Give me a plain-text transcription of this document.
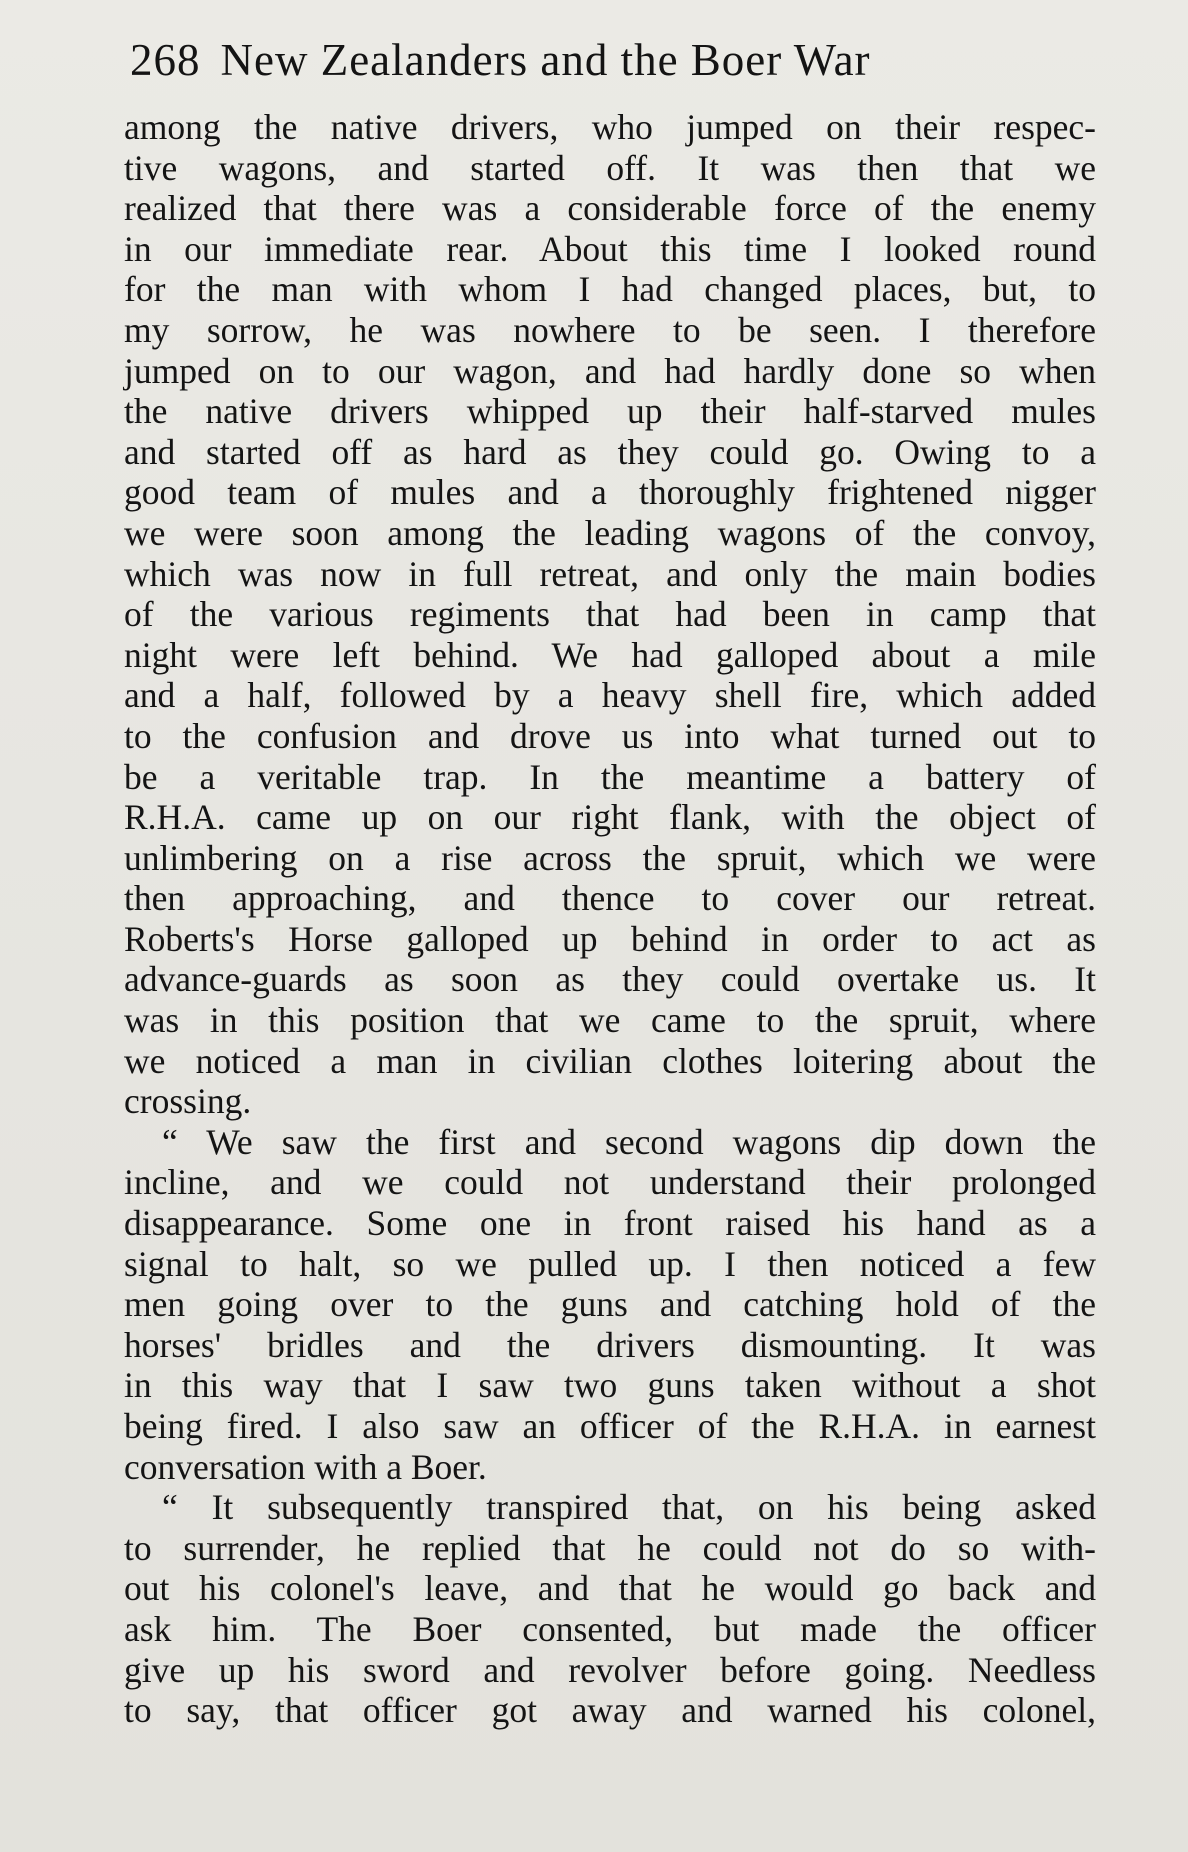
268 New Zealanders and the Boer War
among the native drivers, who jumped on their respec-
tive wagons, and started off. It was then that we
realized that there was a considerable force of the enemy
in our immediate rear. About this time I looked round
for the man with whom I had changed places, but, to
my sorrow, he was nowhere to be seen. I therefore
jumped on to our wagon, and had hardly done so when
the native drivers whipped up their half-starved mules
and started off as hard as they could go. Owing to a
good team of mules and a thoroughly frightened nigger
we were soon among the leading wagons of the convoy,
which was now in full retreat, and only the main bodies
of the various regiments that had been in camp that
night were left behind. We had galloped about a mile
and a half, followed by a heavy shell fire, which added
to the confusion and drove us into what turned out to
be a veritable trap. In the meantime a battery of
R.H.A. came up on our right flank, with the object of
unlimbering on a rise across the spruit, which we were
then approaching, and thence to cover our retreat.
Roberts's Horse galloped up behind in order to act as
advance-guards as soon as they could overtake us. It
was in this position that we came to the spruit, where
we noticed a man in civilian clothes loitering about the
crossing.
“ We saw the first and second wagons dip down the
incline, and we could not understand their prolonged
disappearance. Some one in front raised his hand as a
signal to halt, so we pulled up. I then noticed a few
men going over to the guns and catching hold of the
horses' bridles and the drivers dismounting. It was
in this way that I saw two guns taken without a shot
being fired. I also saw an officer of the R.H.A. in earnest
conversation with a Boer.
“ It subsequently transpired that, on his being asked
to surrender, he replied that he could not do so with-
out his colonel's leave, and that he would go back and
ask him. The Boer consented, but made the officer
give up his sword and revolver before going. Needless
to say, that officer got away and warned his colonel,
